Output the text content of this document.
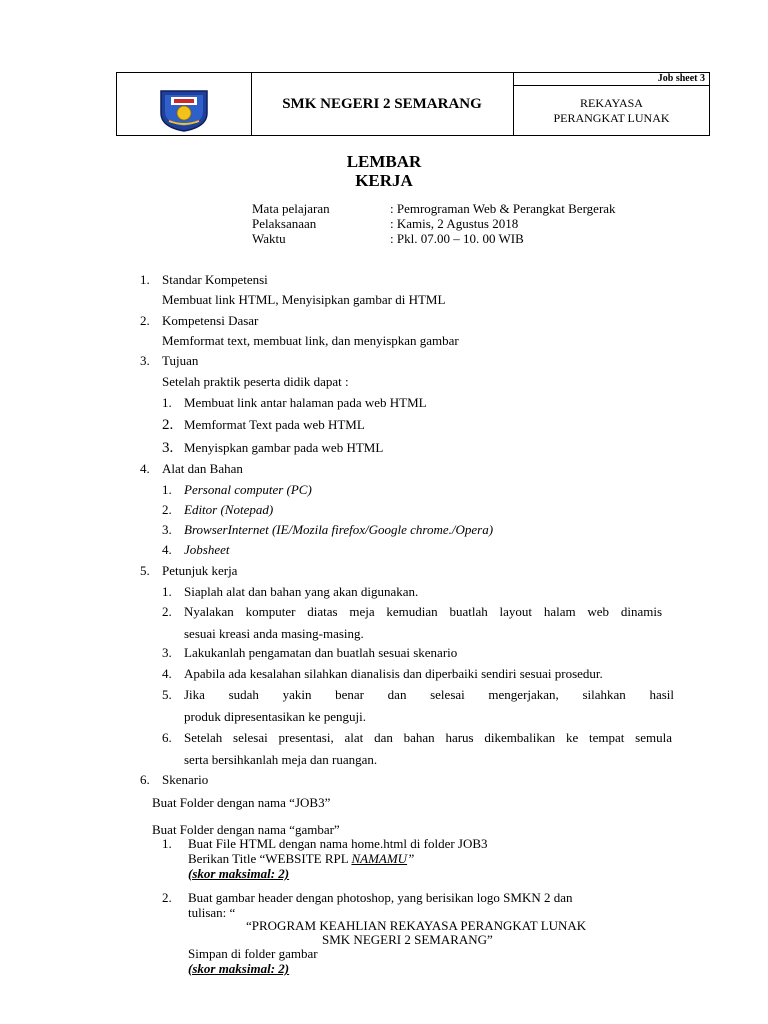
SMK NEGERI 2 SEMARANG
Job sheet 3
REKAYASA
PERANGKAT LUNAK
LEMBAR
KERJA
Mata pelajaran	: Pemrograman Web & Perangkat Bergerak
Pelaksanaan	: Kamis, 2 Agustus 2018
Waktu	: Pkl. 07.00 – 10. 00 WIB
1. Standar Kompetensi
Membuat link HTML, Menyisipkan gambar di HTML
2. Kompetensi Dasar
Memformat text, membuat link, dan menyispkan gambar
3. Tujuan
Setelah praktik peserta didik dapat :
1. Membuat link antar halaman pada web HTML
2. Memformat Text pada web HTML
3. Menyispkan gambar pada web HTML
4. Alat dan Bahan
1. Personal computer (PC)
2. Editor (Notepad)
3. BrowserInternet (IE/Mozila firefox/Google chrome./Opera)
4. Jobsheet
5. Petunjuk kerja
1. Siaplah alat dan bahan yang akan digunakan.
2. Nyalakan komputer diatas meja kemudian buatlah layout halam web dinamis
sesuai kreasi anda masing-masing.
3. Lakukanlah pengamatan dan buatlah sesuai skenario
4. Apabila ada kesalahan silahkan dianalisis dan diperbaiki sendiri sesuai prosedur.
5. Jika sudah yakin benar dan selesai mengerjakan, silahkan hasil
produk dipresentasikan ke penguji.
6. Setelah selesai presentasi, alat dan bahan harus dikembalikan ke tempat semula
serta bersihkanlah meja dan ruangan.
6. Skenario
Buat Folder dengan nama “JOB3”
Buat Folder dengan nama “gambar”
1. Buat File HTML dengan nama home.html di folder JOB3
Berikan Title “WEBSITE RPL NAMAMU”
(skor maksimal: 2)
2. Buat gambar header dengan photoshop, yang berisikan logo SMKN 2 dan
tulisan: “
“PROGRAM KEAHLIAN REKAYASA PERANGKAT LUNAK
SMK NEGERI 2 SEMARANG”
Simpan di folder gambar
(skor maksimal: 2)
